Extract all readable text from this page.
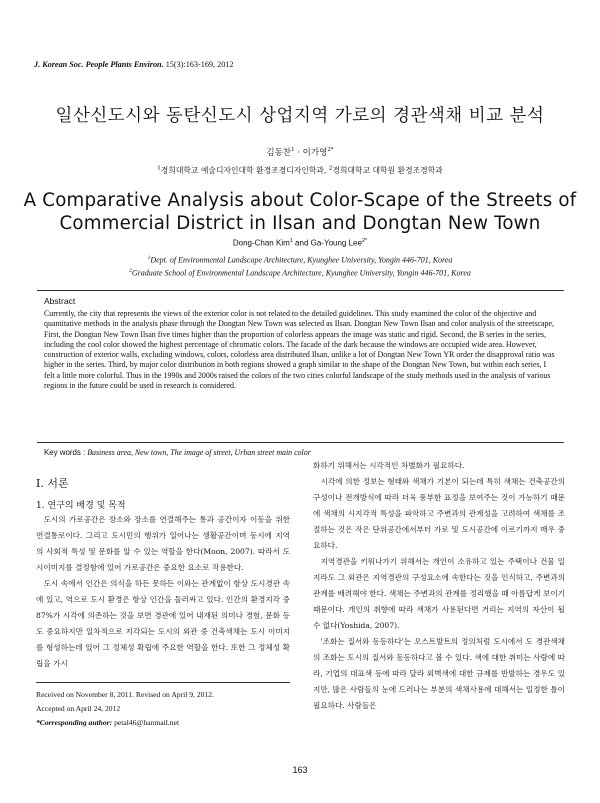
J. Korean Soc. People Plants Environ. 15(3):163-169, 2012
일산신도시와 동탄신도시 상업지역 가로의 경관색채 비교 분석
김동찬$^1$ · 이가영$^{2*}$
$^1$경희대학교 예술디자인대학 환경조경디자인학과, $^2$경희대학교 대학원 환경조경학과
A Comparative Analysis about Color-Scape of the Streets of
Commercial District in Ilsan and Dongtan New Town
Dong-Chan Kim$^1$ and Ga-Young Lee$^{2*}$
$^1$Dept. of Environmental Landscape Architecture, Kyunghee University, Yongin 446-701, Korea
$^2$Graduate School of Environmental Landscape Architecture, Kyunghee University, Yongin 446-701, Korea
Abstract
Currently, the city that represents the views of the exterior color is not related to the detailed guidelines. This study examined the color of the objective and quantitative methods in the analysis phase through the Dongtan New Town was selected as Ilsan. Dongtan New Town Ilsan and color analysis of the streetscape, First, the Dongtan New Town Ilsan five times higher than the proportion of colorless appears the image was static and rigid. Second, the B series in the series, including the cool color showed the highest percentage of chromatic colors. The facade of the dark because the windows are occupied wide area. However, construction of exterior walls, excluding windows, colors, colorless area distributed Ilsan, unlike a lot of Dongtan New Town YR order the disapproval ratio was higher in the series. Third, by major color distribution in both regions showed a graph similar to the shape of the Dongtan New Town, but within each series, I felt a little more colorful. Thus in the 1990s and 2000s raised the colors of the two cities colorful landscape of the study methods used in the analysis of various regions in the future could be used in research is considered.
Key words : Business area, New town, The image of street, Urban street main color
I. 서론
1. 연구의 배경 및 목적

도시의 가로공간은 장소와 장소를 연결해주는 통과 공간이자 이동을 위한 연결통로이다. 그리고 도시민의 행위가 일어나는 생활공간이며 동시에 지역의 사회적 특성 및 문화를 알 수 있는 역할을 한다(Moon, 2007). 따라서 도시이미지를 결정함에 있어 가로공간은 중요한 요소로 작용한다.

도시 속에서 인간은 의식을 하든 못하든 이와는 관계없이 항상 도시경관 속에 있고, 역으로 도시 환경은 항상 인간을 둘러싸고 있다. 인간의 환경지각 중 87%가 시각에 의존하는 것을 보면 경관에 있어 내재된 의미나 경험, 문화 등도 중요하지만 일차적으로 지각되는 도시의 외관 중 건축색채는 도시 이미지를 형성하는데 있어 그 정체성 확립에 주요한 역할을 한다. 또한 그 정체성 확립을 가시

화하기 위해서는 시각적인 차별화가 필요하다.

시각에 의한 정보는 형태와 색채가 기본이 되는데 특히 색채는 건축공간의 구성이나 전개방식에 따라 더욱 풍부한 표정을 보여주는 것이 가능하기 때문에 색채의 시지각적 특성을 파악하고 주변과의 관계성을 고려하여 색채를 조절하는 것은 작은 단위공간에서부터 가로 및 도시공간에 이르기까지 매우 중요하다.

지역경관을 키워나가기 위해서는 개인이 소유하고 있는 주택이나 건물 일지라도 그 외관은 지역경관의 구성요소에 속한다는 것을 인식하고, 주변과의 관계를 배려해야 한다. 색채는 주변과의 관계를 정리했을 때 아름답게 보이기 때문이다. 개인의 취향에 따라 색채가 사용된다면 거리는 지역의 자산이 될 수 없다(Yoshida, 2007).

'조화는 질서와 동등하다'는 오스트발트의 정의처럼 도시에서 도 경관색채의 조화는 도시의 질서와 동등하다고 볼 수 있다. 색에 대한 취미는 사람에 따라, 기업의 대표색 등에 따라 달라 외벽색에 대한 규제를 반발하는 경우도 있지만, 많은 사람들의 눈에 드러나는 부분의 색채사용에 대해서는 일정한 틀이 필요하다. 사람들은

Received on November 8, 2011. Revised on April 9, 2012.
Accepted on April 24, 2012
*Corresponding author: petal46@hanmail.net
163
